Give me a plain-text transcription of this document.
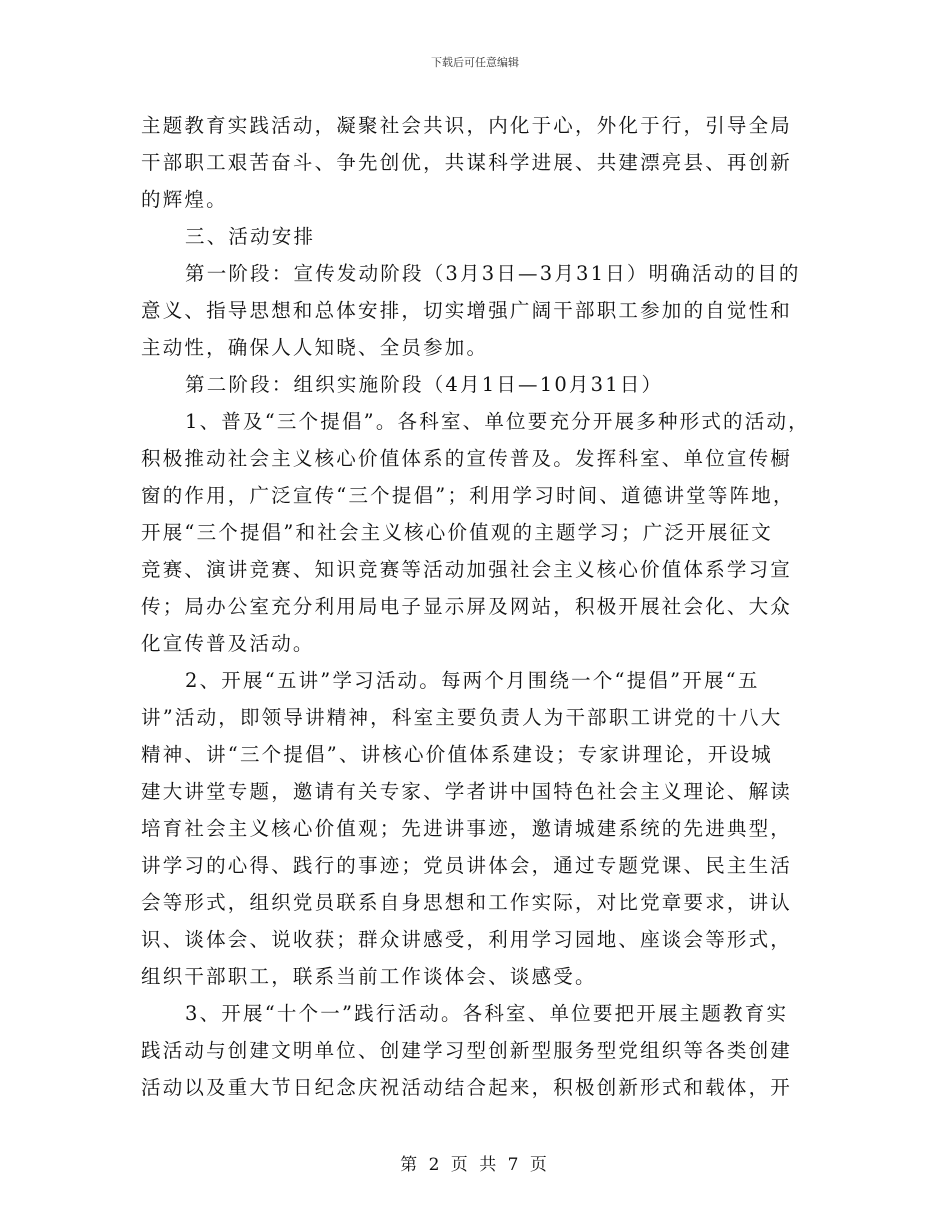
下载后可任意编辑
主题教育实践活动，凝聚社会共识，内化于心，外化于行，引导全局
干部职工艰苦奋斗、争先创优，共谋科学进展、共建漂亮县、再创新
的辉煌。
三、活动安排
第一阶段：宣传发动阶段（3月3日—3月31日）明确活动的目的
意义、指导思想和总体安排，切实增强广阔干部职工参加的自觉性和
主动性，确保人人知晓、全员参加。
第二阶段：组织实施阶段（4月1日—10月31日）
1、普及“三个提倡”。各科室、单位要充分开展多种形式的活动，
积极推动社会主义核心价值体系的宣传普及。发挥科室、单位宣传橱
窗的作用，广泛宣传“三个提倡”；利用学习时间、道德讲堂等阵地，
开展“三个提倡”和社会主义核心价值观的主题学习；广泛开展征文
竞赛、演讲竞赛、知识竞赛等活动加强社会主义核心价值体系学习宣
传；局办公室充分利用局电子显示屏及网站，积极开展社会化、大众
化宣传普及活动。
2、开展“五讲”学习活动。每两个月围绕一个“提倡”开展“五
讲”活动，即领导讲精神，科室主要负责人为干部职工讲党的十八大
精神、讲“三个提倡”、讲核心价值体系建设；专家讲理论，开设城
建大讲堂专题，邀请有关专家、学者讲中国特色社会主义理论、解读
培育社会主义核心价值观；先进讲事迹，邀请城建系统的先进典型，
讲学习的心得、践行的事迹；党员讲体会，通过专题党课、民主生活
会等形式，组织党员联系自身思想和工作实际，对比党章要求，讲认
识、谈体会、说收获；群众讲感受，利用学习园地、座谈会等形式，
组织干部职工，联系当前工作谈体会、谈感受。
3、开展“十个一”践行活动。各科室、单位要把开展主题教育实
践活动与创建文明单位、创建学习型创新型服务型党组织等各类创建
活动以及重大节日纪念庆祝活动结合起来，积极创新形式和载体，开
第 2 页 共 7 页
